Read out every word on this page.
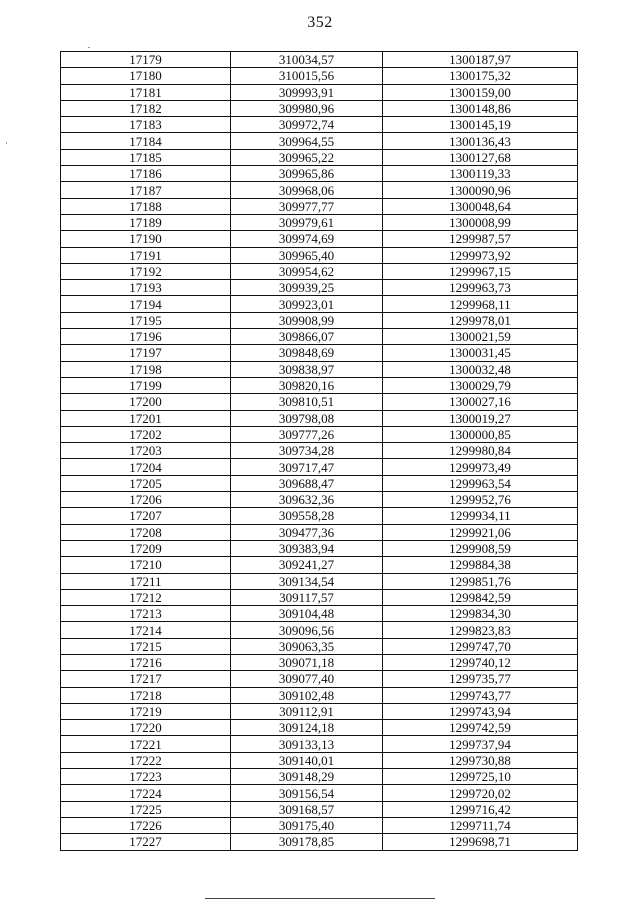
352
17179	310034,57	1300187,97
17180	310015,56	1300175,32
17181	309993,91	1300159,00
17182	309980,96	1300148,86
17183	309972,74	1300145,19
17184	309964,55	1300136,43
17185	309965,22	1300127,68
17186	309965,86	1300119,33
17187	309968,06	1300090,96
17188	309977,77	1300048,64
17189	309979,61	1300008,99
17190	309974,69	1299987,57
17191	309965,40	1299973,92
17192	309954,62	1299967,15
17193	309939,25	1299963,73
17194	309923,01	1299968,11
17195	309908,99	1299978,01
17196	309866,07	1300021,59
17197	309848,69	1300031,45
17198	309838,97	1300032,48
17199	309820,16	1300029,79
17200	309810,51	1300027,16
17201	309798,08	1300019,27
17202	309777,26	1300000,85
17203	309734,28	1299980,84
17204	309717,47	1299973,49
17205	309688,47	1299963,54
17206	309632,36	1299952,76
17207	309558,28	1299934,11
17208	309477,36	1299921,06
17209	309383,94	1299908,59
17210	309241,27	1299884,38
17211	309134,54	1299851,76
17212	309117,57	1299842,59
17213	309104,48	1299834,30
17214	309096,56	1299823,83
17215	309063,35	1299747,70
17216	309071,18	1299740,12
17217	309077,40	1299735,77
17218	309102,48	1299743,77
17219	309112,91	1299743,94
17220	309124,18	1299742,59
17221	309133,13	1299737,94
17222	309140,01	1299730,88
17223	309148,29	1299725,10
17224	309156,54	1299720,02
17225	309168,57	1299716,42
17226	309175,40	1299711,74
17227	309178,85	1299698,71
